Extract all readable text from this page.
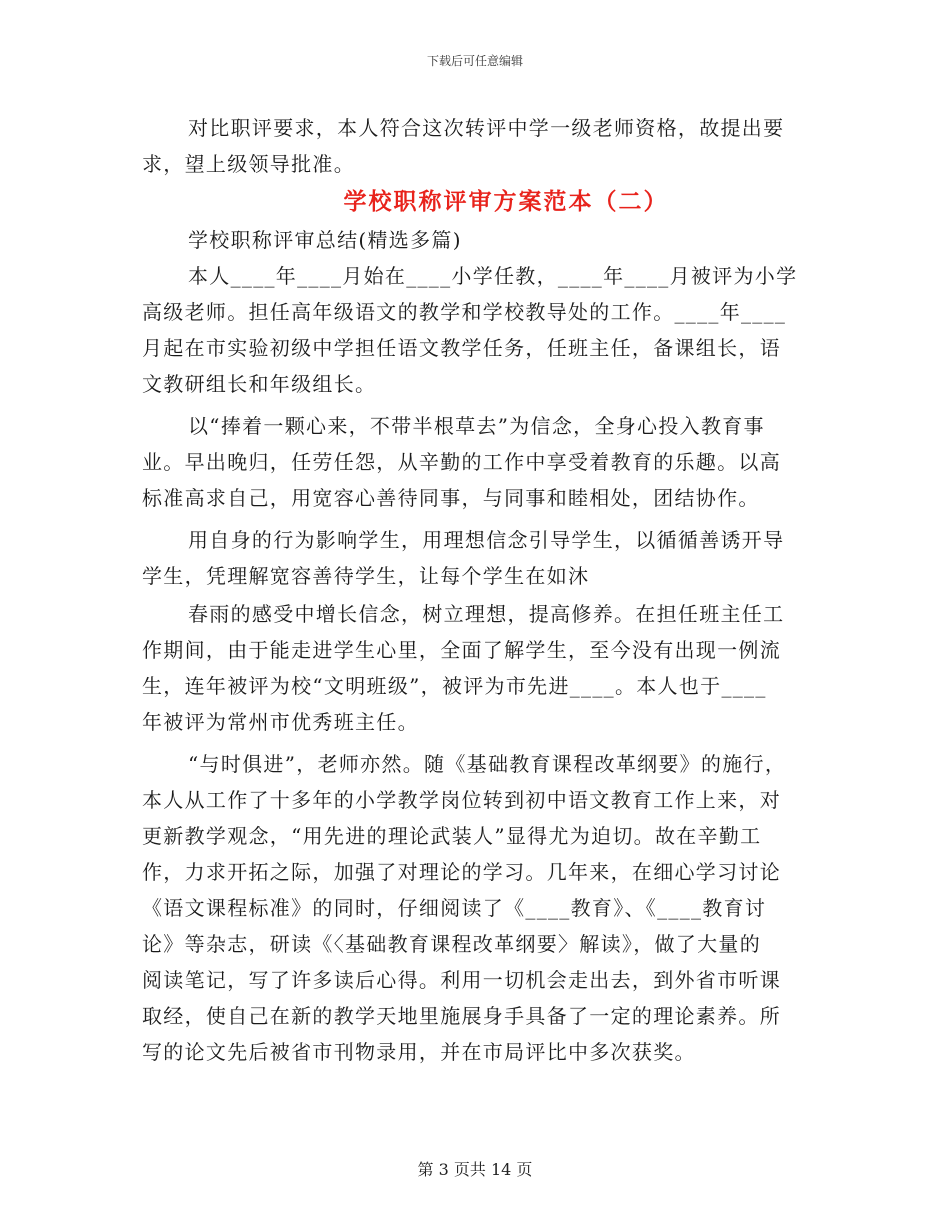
下载后可任意编辑
对比职评要求，本人符合这次转评中学一级老师资格，故提出要
求，望上级领导批准。
学校职称评审方案范本（二）
学校职称评审总结(精选多篇)
本人____年____月始在____小学任教，____年____月被评为小学
高级老师。担任高年级语文的教学和学校教导处的工作。____年____
月起在市实验初级中学担任语文教学任务，任班主任，备课组长，语
文教研组长和年级组长。
以“捧着一颗心来，不带半根草去”为信念，全身心投入教育事
业。早出晚归，任劳任怨，从辛勤的工作中享受着教育的乐趣。以高
标准高求自己，用宽容心善待同事，与同事和睦相处，团结协作。
用自身的行为影响学生，用理想信念引导学生，以循循善诱开导
学生，凭理解宽容善待学生，让每个学生在如沐
春雨的感受中增长信念，树立理想，提高修养。在担任班主任工
作期间，由于能走进学生心里，全面了解学生，至今没有出现一例流
生，连年被评为校“文明班级”，被评为市先进____。本人也于____
年被评为常州市优秀班主任。
“与时俱进”，老师亦然。随《基础教育课程改革纲要》的施行，
本人从工作了十多年的小学教学岗位转到初中语文教育工作上来，对
更新教学观念，“用先进的理论武装人”显得尤为迫切。故在辛勤工
作，力求开拓之际，加强了对理论的学习。几年来，在细心学习讨论
《语文课程标准》的同时，仔细阅读了《____教育》、《____教育讨
论》等杂志，研读《〈基础教育课程改革纲要〉解读》，做了大量的
阅读笔记，写了许多读后心得。利用一切机会走出去，到外省市听课
取经，使自己在新的教学天地里施展身手具备了一定的理论素养。所
写的论文先后被省市刊物录用，并在市局评比中多次获奖。
第 3 页共 14 页
